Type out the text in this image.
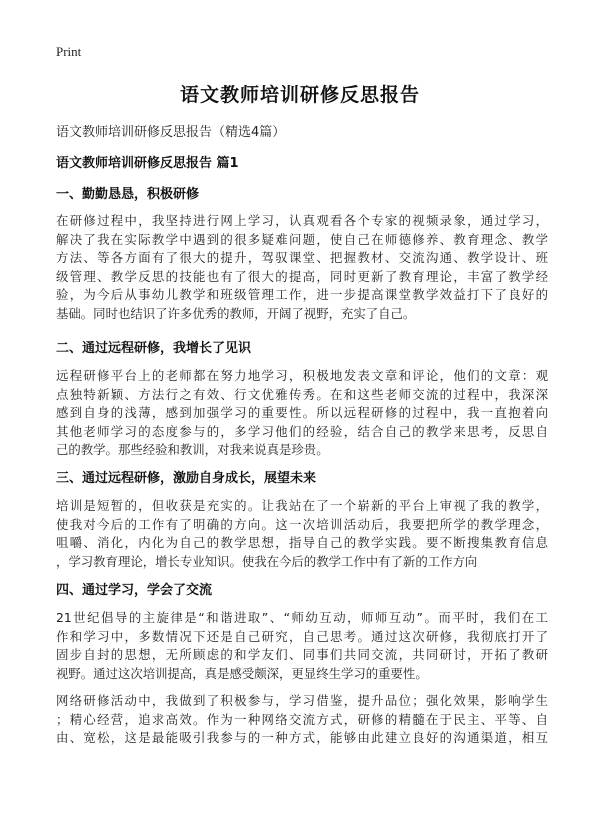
Print
语文教师培训研修反思报告
语文教师培训研修反思报告（精选4篇）
语文教师培训研修反思报告 篇1
一、勤勤恳恳，积极研修

在研修过程中，我坚持进行网上学习，认真观看各个专家的视频录象，通过学习，
解决了我在实际教学中遇到的很多疑难问题，使自己在师德修养、教育理念、教学
方法、等各方面有了很大的提升，驾驭课堂、把握教材、交流沟通、教学设计、班
级管理、教学反思的技能也有了很大的提高，同时更新了教育理论，丰富了教学经
验，为今后从事幼儿教学和班级管理工作，进一步提高课堂教学效益打下了良好的
基础。同时也结识了许多优秀的教师，开阔了视野，充实了自己。

二、通过远程研修，我增长了见识

远程研修平台上的老师都在努力地学习，积极地发表文章和评论，他们的文章：观
点独特新颖、方法行之有效、行文优雅传秀。在和这些老师交流的过程中，我深深
感到自身的浅薄，感到加强学习的重要性。所以远程研修的过程中，我一直抱着向
其他老师学习的态度参与的，多学习他们的经验，结合自己的教学来思考，反思自
己的教学。那些经验和教训，对我来说真是珍贵。

三、通过远程研修，激励自身成长，展望未来

培训是短暂的，但收获是充实的。让我站在了一个崭新的平台上审视了我的教学，
使我对今后的工作有了明确的方向。这一次培训活动后，我要把所学的教学理念，
咀嚼、消化，内化为自己的教学思想，指导自己的教学实践。要不断搜集教育信息
，学习教育理论，增长专业知识。使我在今后的教学工作中有了新的工作方向

四、通过学习，学会了交流

21世纪倡导的主旋律是“和谐进取”、“师幼互动，师师互动”。而平时，我们在工
作和学习中，多数情况下还是自己研究，自己思考。通过这次研修，我彻底打开了
固步自封的思想，无所顾虑的和学友们、同事们共同交流，共同研讨，开拓了教研
视野。通过这次培训提高，真是感受颇深，更显终生学习的重要性。

网络研修活动中，我做到了积极参与，学习借鉴，提升品位；强化效果，影响学生
；精心经营，追求高效。作为一种网络交流方式，研修的精髓在于民主、平等、自
由、宽松，这是最能吸引我参与的一种方式，能够由此建立良好的沟通渠道，相互
